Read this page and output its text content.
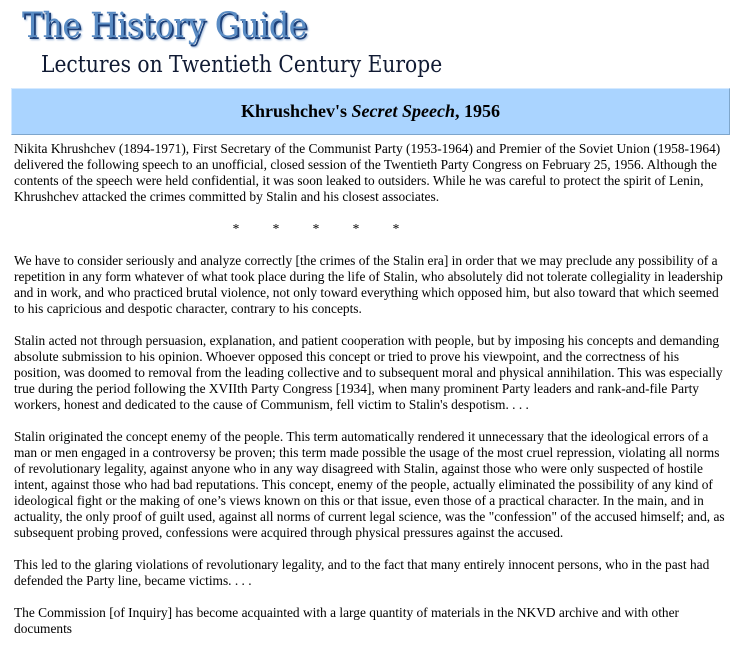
The History Guide
Lectures on Twentieth Century Europe
Khrushchev's Secret Speech, 1956

Nikita Khrushchev (1894-1971), First Secretary of the Communist Party (1953-1964) and Premier of the Soviet Union (1958-1964) delivered the following speech to an unofficial, closed session of the Twentieth Party Congress on February 25, 1956. Although the contents of the speech were held confidential, it was soon leaked to outsiders. While he was careful to protect the spirit of Lenin, Khrushchev attacked the crimes committed by Stalin and his closest associates.

* * * * *

We have to consider seriously and analyze correctly [the crimes of the Stalin era] in order that we may preclude any possibility of a repetition in any form whatever of what took place during the life of Stalin, who absolutely did not tolerate collegiality in leadership and in work, and who practiced brutal violence, not only toward everything which opposed him, but also toward that which seemed to his capricious and despotic character, contrary to his concepts.

Stalin acted not through persuasion, explanation, and patient cooperation with people, but by imposing his concepts and demanding absolute submission to his opinion. Whoever opposed this concept or tried to prove his viewpoint, and the correctness of his position, was doomed to removal from the leading collective and to subsequent moral and physical annihilation. This was especially true during the period following the XVIIth Party Congress [1934], when many prominent Party leaders and rank-and-file Party workers, honest and dedicated to the cause of Communism, fell victim to Stalin's despotism. . . .

Stalin originated the concept enemy of the people. This term automatically rendered it unnecessary that the ideological errors of a man or men engaged in a controversy be proven; this term made possible the usage of the most cruel repression, violating all norms of revolutionary legality, against anyone who in any way disagreed with Stalin, against those who were only suspected of hostile intent, against those who had bad reputations. This concept, enemy of the people, actually eliminated the possibility of any kind of ideological fight or the making of one’s views known on this or that issue, even those of a practical character. In the main, and in actuality, the only proof of guilt used, against all norms of current legal science, was the "confession" of the accused himself; and, as subsequent probing proved, confessions were acquired through physical pressures against the accused.

This led to the glaring violations of revolutionary legality, and to the fact that many entirely innocent persons, who in the past had defended the Party line, became victims. . . .

The Commission [of Inquiry] has become acquainted with a large quantity of materials in the NKVD archive and with other documents
